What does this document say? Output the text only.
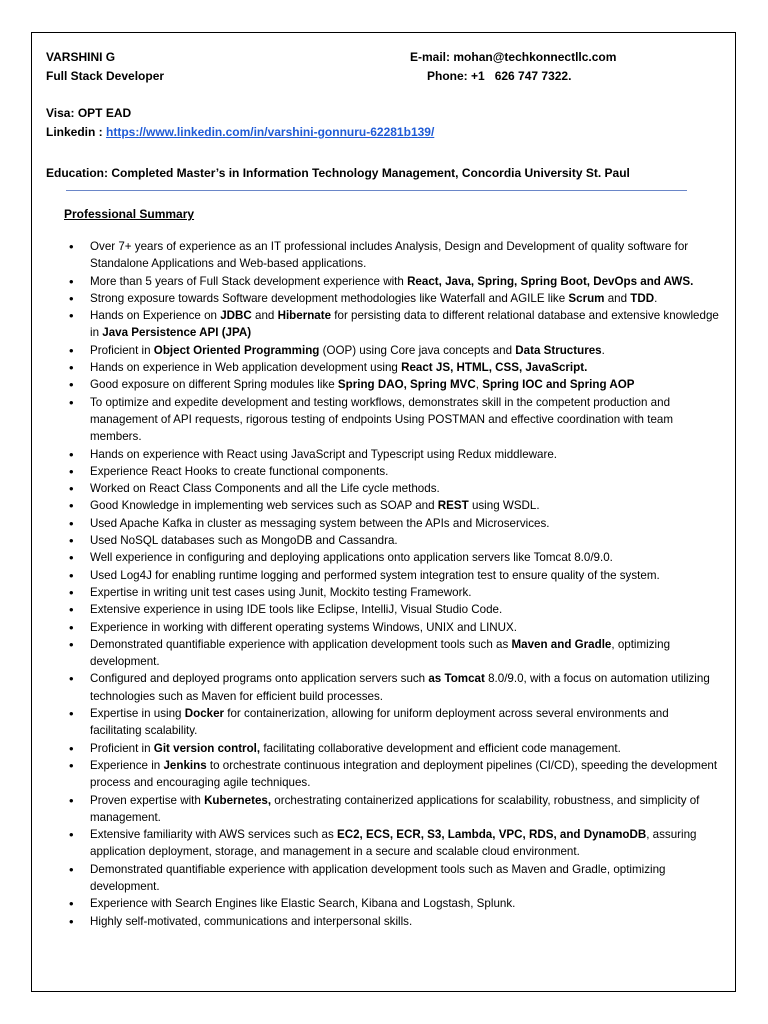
VARSHINI G
Full Stack Developer
E-mail: mohan@techkonnectllc.com
Phone: +1   626 747 7322.
Visa: OPT EAD
Linkedin : https://www.linkedin.com/in/varshini-gonnuru-62281b139/
Education: Completed Master’s in Information Technology Management, Concordia University St. Paul
Professional Summary
• Over 7+ years of experience as an IT professional includes Analysis, Design and Development of quality software for Standalone Applications and Web-based applications.
• More than 5 years of Full Stack development experience with React, Java, Spring, Spring Boot, DevOps and AWS.
• Strong exposure towards Software development methodologies like Waterfall and AGILE like Scrum and TDD.
• Hands on Experience on JDBC and Hibernate for persisting data to different relational database and extensive knowledge in Java Persistence API (JPA)
• Proficient in Object Oriented Programming (OOP) using Core java concepts and Data Structures.
• Hands on experience in Web application development using React JS, HTML, CSS, JavaScript.
• Good exposure on different Spring modules like Spring DAO, Spring MVC, Spring IOC and Spring AOP
• To optimize and expedite development and testing workflows, demonstrates skill in the competent production and management of API requests, rigorous testing of endpoints Using POSTMAN and effective coordination with team members.
• Hands on experience with React using JavaScript and Typescript using Redux middleware.
• Experience React Hooks to create functional components.
• Worked on React Class Components and all the Life cycle methods.
• Good Knowledge in implementing web services such as SOAP and REST using WSDL.
• Used Apache Kafka in cluster as messaging system between the APIs and Microservices.
• Used NoSQL databases such as MongoDB and Cassandra.
• Well experience in configuring and deploying applications onto application servers like Tomcat 8.0/9.0.
• Used Log4J for enabling runtime logging and performed system integration test to ensure quality of the system.
• Expertise in writing unit test cases using Junit, Mockito testing Framework.
• Extensive experience in using IDE tools like Eclipse, IntelliJ, Visual Studio Code.
• Experience in working with different operating systems Windows, UNIX and LINUX.
• Demonstrated quantifiable experience with application development tools such as Maven and Gradle, optimizing development.
• Configured and deployed programs onto application servers such as Tomcat 8.0/9.0, with a focus on automation utilizing technologies such as Maven for efficient build processes.
• Expertise in using Docker for containerization, allowing for uniform deployment across several environments and facilitating scalability.
• Proficient in Git version control, facilitating collaborative development and efficient code management.
• Experience in Jenkins to orchestrate continuous integration and deployment pipelines (CI/CD), speeding the development process and encouraging agile techniques.
• Proven expertise with Kubernetes, orchestrating containerized applications for scalability, robustness, and simplicity of management.
• Extensive familiarity with AWS services such as EC2, ECS, ECR, S3, Lambda, VPC, RDS, and DynamoDB, assuring application deployment, storage, and management in a secure and scalable cloud environment.
• Demonstrated quantifiable experience with application development tools such as Maven and Gradle, optimizing development.
• Experience with Search Engines like Elastic Search, Kibana and Logstash, Splunk.
• Highly self-motivated, communications and interpersonal skills.
